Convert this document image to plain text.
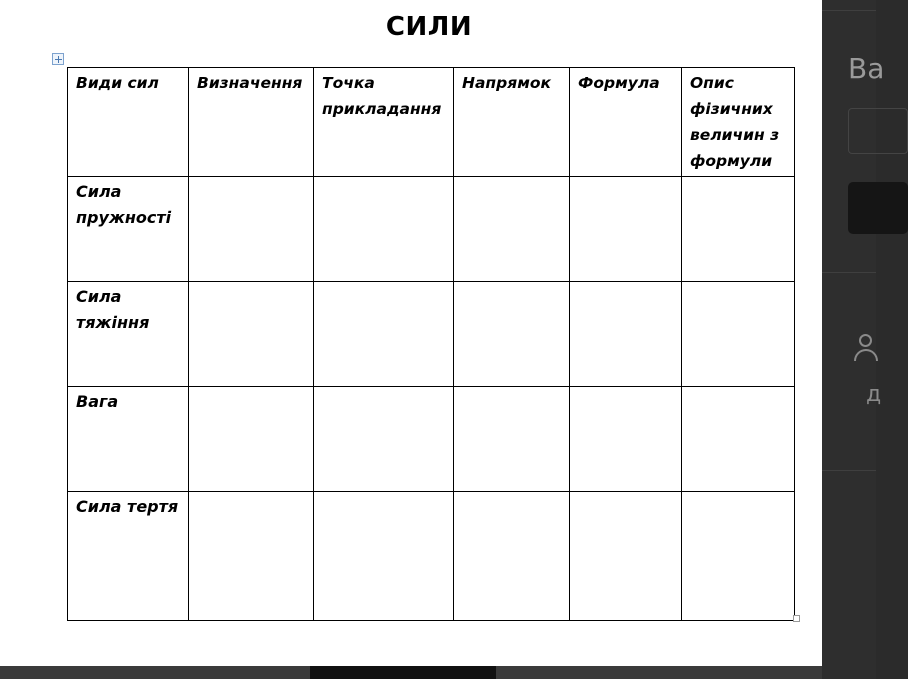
СИЛИ
Види сил	Визначення	Точка прикладання	Напрямок	Формула	Опис фізичних величин з формули
Сила пружності					
Сила тяжіння					
Вага					
Сила тертя					
Ва
д
